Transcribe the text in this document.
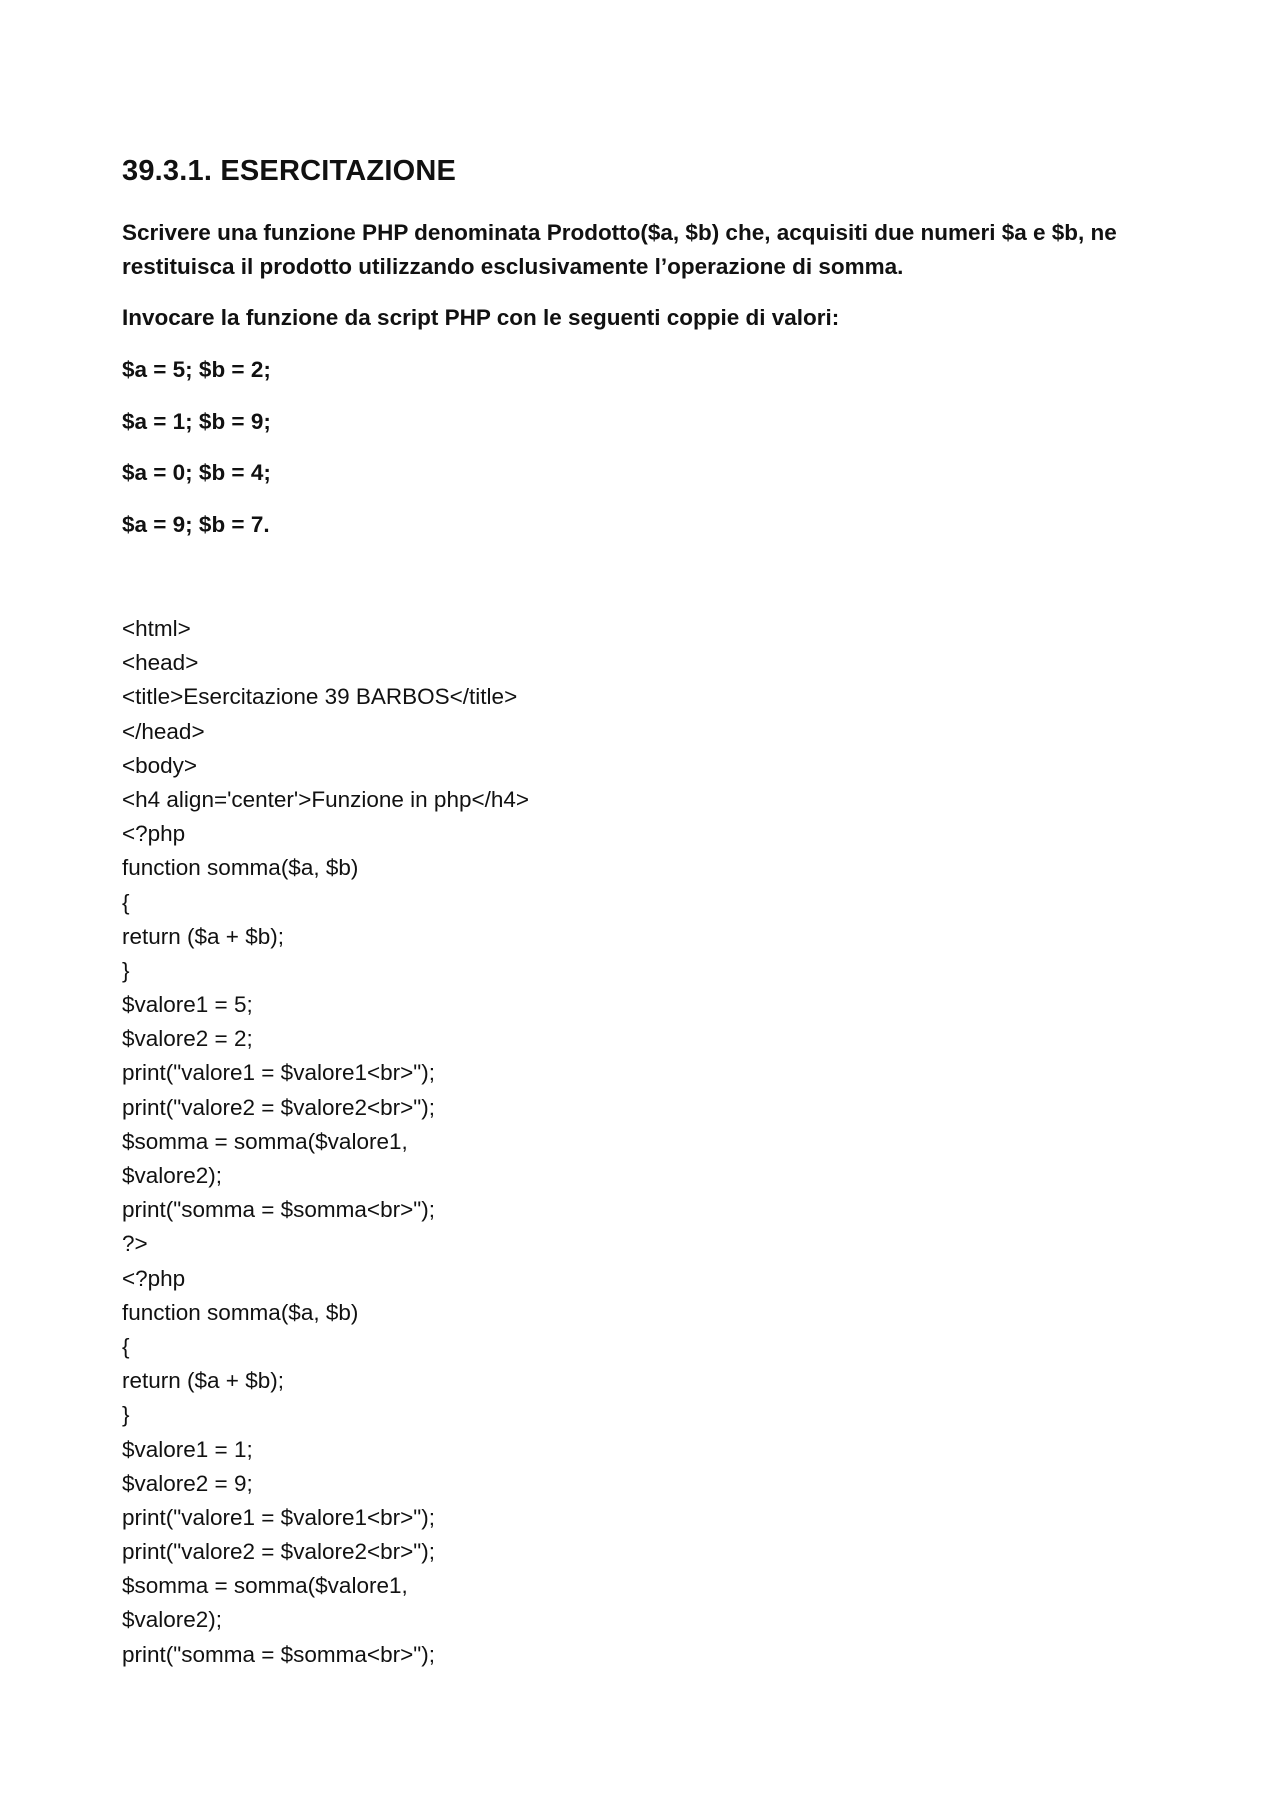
39.3.1. ESERCITAZIONE

Scrivere una funzione PHP denominata Prodotto($a, $b) che, acquisiti due numeri $a e $b, ne
restituisca il prodotto utilizzando esclusivamente l’operazione di somma.

Invocare la funzione da script PHP con le seguenti coppie di valori:

$a = 5; $b = 2;
$a = 1; $b = 9;
$a = 0; $b = 4;
$a = 9; $b = 7.
<html>
<head>
<title>Esercitazione 39 BARBOS</title>
</head>
<body>
<h4 align='center'>Funzione in php</h4>
<?php
function somma($a, $b)
{
return ($a + $b);
}
$valore1 = 5;
$valore2 = 2;
print("valore1 = $valore1<br>");
print("valore2 = $valore2<br>");
$somma = somma($valore1,
$valore2);
print("somma = $somma<br>");
?>
<?php
function somma($a, $b)
{
return ($a + $b);
}
$valore1 = 1;
$valore2 = 9;
print("valore1 = $valore1<br>");
print("valore2 = $valore2<br>");
$somma = somma($valore1,
$valore2);
print("somma = $somma<br>");
